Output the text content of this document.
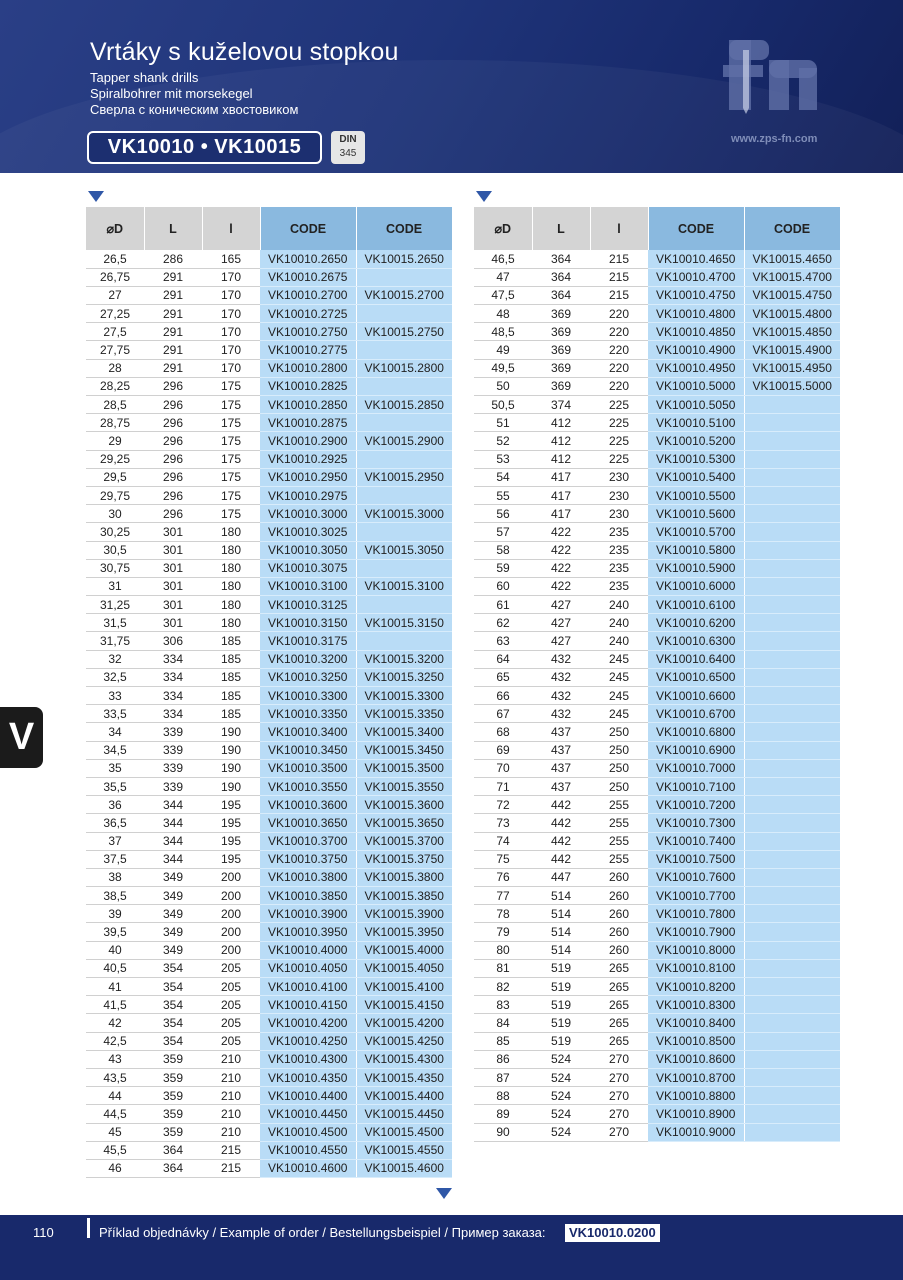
Vrtáky s kuželovou stopkou
Tapper shank drills
Spiralbohrer mit morsekegel
Сверла с коническим хвостовиком
VK10010 • VK10015	DIN
345
www.zps-fn.com
⌀D	L	l	CODE	CODE
26,5	286	165	VK10010.2650	VK10015.2650
26,75	291	170	VK10010.2675	
27	291	170	VK10010.2700	VK10015.2700
27,25	291	170	VK10010.2725	
27,5	291	170	VK10010.2750	VK10015.2750
27,75	291	170	VK10010.2775	
28	291	170	VK10010.2800	VK10015.2800
28,25	296	175	VK10010.2825	
28,5	296	175	VK10010.2850	VK10015.2850
28,75	296	175	VK10010.2875	
29	296	175	VK10010.2900	VK10015.2900
29,25	296	175	VK10010.2925	
29,5	296	175	VK10010.2950	VK10015.2950
29,75	296	175	VK10010.2975	
30	296	175	VK10010.3000	VK10015.3000
30,25	301	180	VK10010.3025	
30,5	301	180	VK10010.3050	VK10015.3050
30,75	301	180	VK10010.3075	
31	301	180	VK10010.3100	VK10015.3100
31,25	301	180	VK10010.3125	
31,5	301	180	VK10010.3150	VK10015.3150
31,75	306	185	VK10010.3175	
32	334	185	VK10010.3200	VK10015.3200
32,5	334	185	VK10010.3250	VK10015.3250
33	334	185	VK10010.3300	VK10015.3300
33,5	334	185	VK10010.3350	VK10015.3350
34	339	190	VK10010.3400	VK10015.3400
34,5	339	190	VK10010.3450	VK10015.3450
35	339	190	VK10010.3500	VK10015.3500
35,5	339	190	VK10010.3550	VK10015.3550
36	344	195	VK10010.3600	VK10015.3600
36,5	344	195	VK10010.3650	VK10015.3650
37	344	195	VK10010.3700	VK10015.3700
37,5	344	195	VK10010.3750	VK10015.3750
38	349	200	VK10010.3800	VK10015.3800
38,5	349	200	VK10010.3850	VK10015.3850
39	349	200	VK10010.3900	VK10015.3900
39,5	349	200	VK10010.3950	VK10015.3950
40	349	200	VK10010.4000	VK10015.4000
40,5	354	205	VK10010.4050	VK10015.4050
41	354	205	VK10010.4100	VK10015.4100
41,5	354	205	VK10010.4150	VK10015.4150
42	354	205	VK10010.4200	VK10015.4200
42,5	354	205	VK10010.4250	VK10015.4250
43	359	210	VK10010.4300	VK10015.4300
43,5	359	210	VK10010.4350	VK10015.4350
44	359	210	VK10010.4400	VK10015.4400
44,5	359	210	VK10010.4450	VK10015.4450
45	359	210	VK10010.4500	VK10015.4500
45,5	364	215	VK10010.4550	VK10015.4550
46	364	215	VK10010.4600	VK10015.4600
⌀D	L	l	CODE	CODE
46,5	364	215	VK10010.4650	VK10015.4650
47	364	215	VK10010.4700	VK10015.4700
47,5	364	215	VK10010.4750	VK10015.4750
48	369	220	VK10010.4800	VK10015.4800
48,5	369	220	VK10010.4850	VK10015.4850
49	369	220	VK10010.4900	VK10015.4900
49,5	369	220	VK10010.4950	VK10015.4950
50	369	220	VK10010.5000	VK10015.5000
50,5	374	225	VK10010.5050	
51	412	225	VK10010.5100	
52	412	225	VK10010.5200	
53	412	225	VK10010.5300	
54	417	230	VK10010.5400	
55	417	230	VK10010.5500	
56	417	230	VK10010.5600	
57	422	235	VK10010.5700	
58	422	235	VK10010.5800	
59	422	235	VK10010.5900	
60	422	235	VK10010.6000	
61	427	240	VK10010.6100	
62	427	240	VK10010.6200	
63	427	240	VK10010.6300	
64	432	245	VK10010.6400	
65	432	245	VK10010.6500	
66	432	245	VK10010.6600	
67	432	245	VK10010.6700	
68	437	250	VK10010.6800	
69	437	250	VK10010.6900	
70	437	250	VK10010.7000	
71	437	250	VK10010.7100	
72	442	255	VK10010.7200	
73	442	255	VK10010.7300	
74	442	255	VK10010.7400	
75	442	255	VK10010.7500	
76	447	260	VK10010.7600	
77	514	260	VK10010.7700	
78	514	260	VK10010.7800	
79	514	260	VK10010.7900	
80	514	260	VK10010.8000	
81	519	265	VK10010.8100	
82	519	265	VK10010.8200	
83	519	265	VK10010.8300	
84	519	265	VK10010.8400	
85	519	265	VK10010.8500	
86	524	270	VK10010.8600	
87	524	270	VK10010.8700	
88	524	270	VK10010.8800	
89	524	270	VK10010.8900	
90	524	270	VK10010.9000	
V
110	Příklad objednávky / Example of order / Bestellungsbeispiel / Пример заказа:	VK10010.0200
